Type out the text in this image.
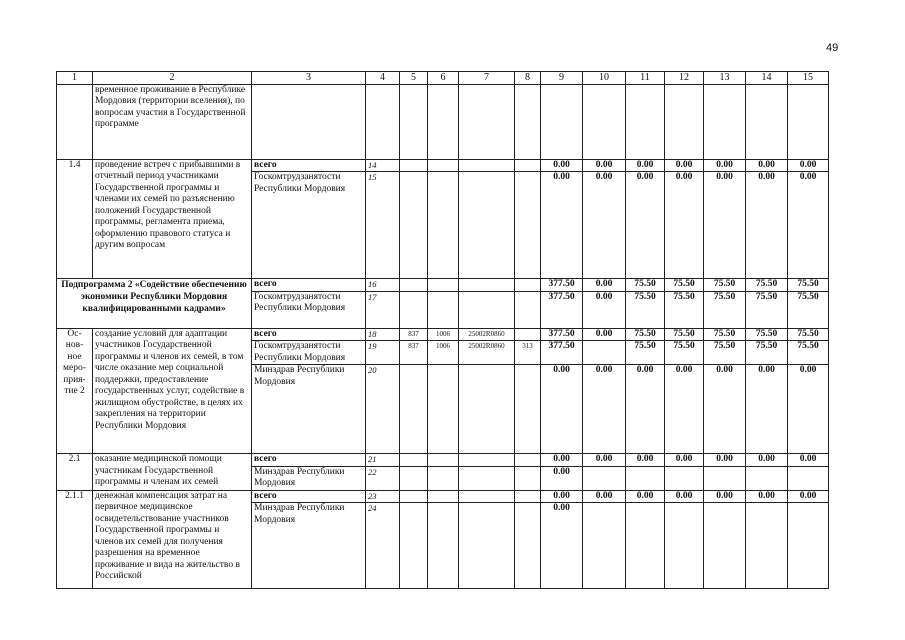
49
1	2	3	4	5	6	7	8	9	10	11	12	13	14	15
	временное проживание в Республике Мордовия (территории вселения), по вопросам участия в Государственной программе													
1.4	проведение встреч с прибывшими в отчетный период участниками Государственной программы и членами их семей по разъяснению положений Государственной программы, регламента приема, оформлению правового статуса и другим вопросам	всего	14					0.00	0.00	0.00	0.00	0.00	0.00	0.00
		Госкомтрудзанятости Республики Мордовия	15					0.00	0.00	0.00	0.00	0.00	0.00	0.00
Подпрограмма 2 «Содействие обеспечению экономики Республики Мордовия квалифицированными кадрами»		всего	16					377.50	0.00	75.50	75.50	75.50	75.50	75.50
		Госкомтрудзанятости Республики Мордовия	17					377.50	0.00	75.50	75.50	75.50	75.50	75.50
Ос-нов-ное меро-прия-тие 2	создание условий для адаптации участников Государственной программы и членов их семей, в том числе оказание мер социальной поддержки, предоставление государственных услуг, содействие в жилищном обустройстве, в целях их закрепления на территории Республики Мордовия	всего	18	837	1006	25002R0860		377.50	0.00	75.50	75.50	75.50	75.50	75.50
		Госкомтрудзанятости Республики Мордовия	19	837	1006	25002R0860	313	377.50		75.50	75.50	75.50	75.50	75.50
		Минздрав Республики Мордовия	20					0.00	0.00	0.00	0.00	0.00	0.00	0.00
2.1	оказание медицинской помощи участникам Государственной программы и членам их семей	всего	21					0.00	0.00	0.00	0.00	0.00	0.00	0.00
		Минздрав Республики Мордовия	22					0.00						
2.1.1	денежная компенсация затрат на первичное медицинское освидетельствование участников Государственной программы и членов их семей для получения разрешения на временное проживание и вида на жительство в Российской	всего	23					0.00	0.00	0.00	0.00	0.00	0.00	0.00
		Минздрав Республики Мордовия	24					0.00						
